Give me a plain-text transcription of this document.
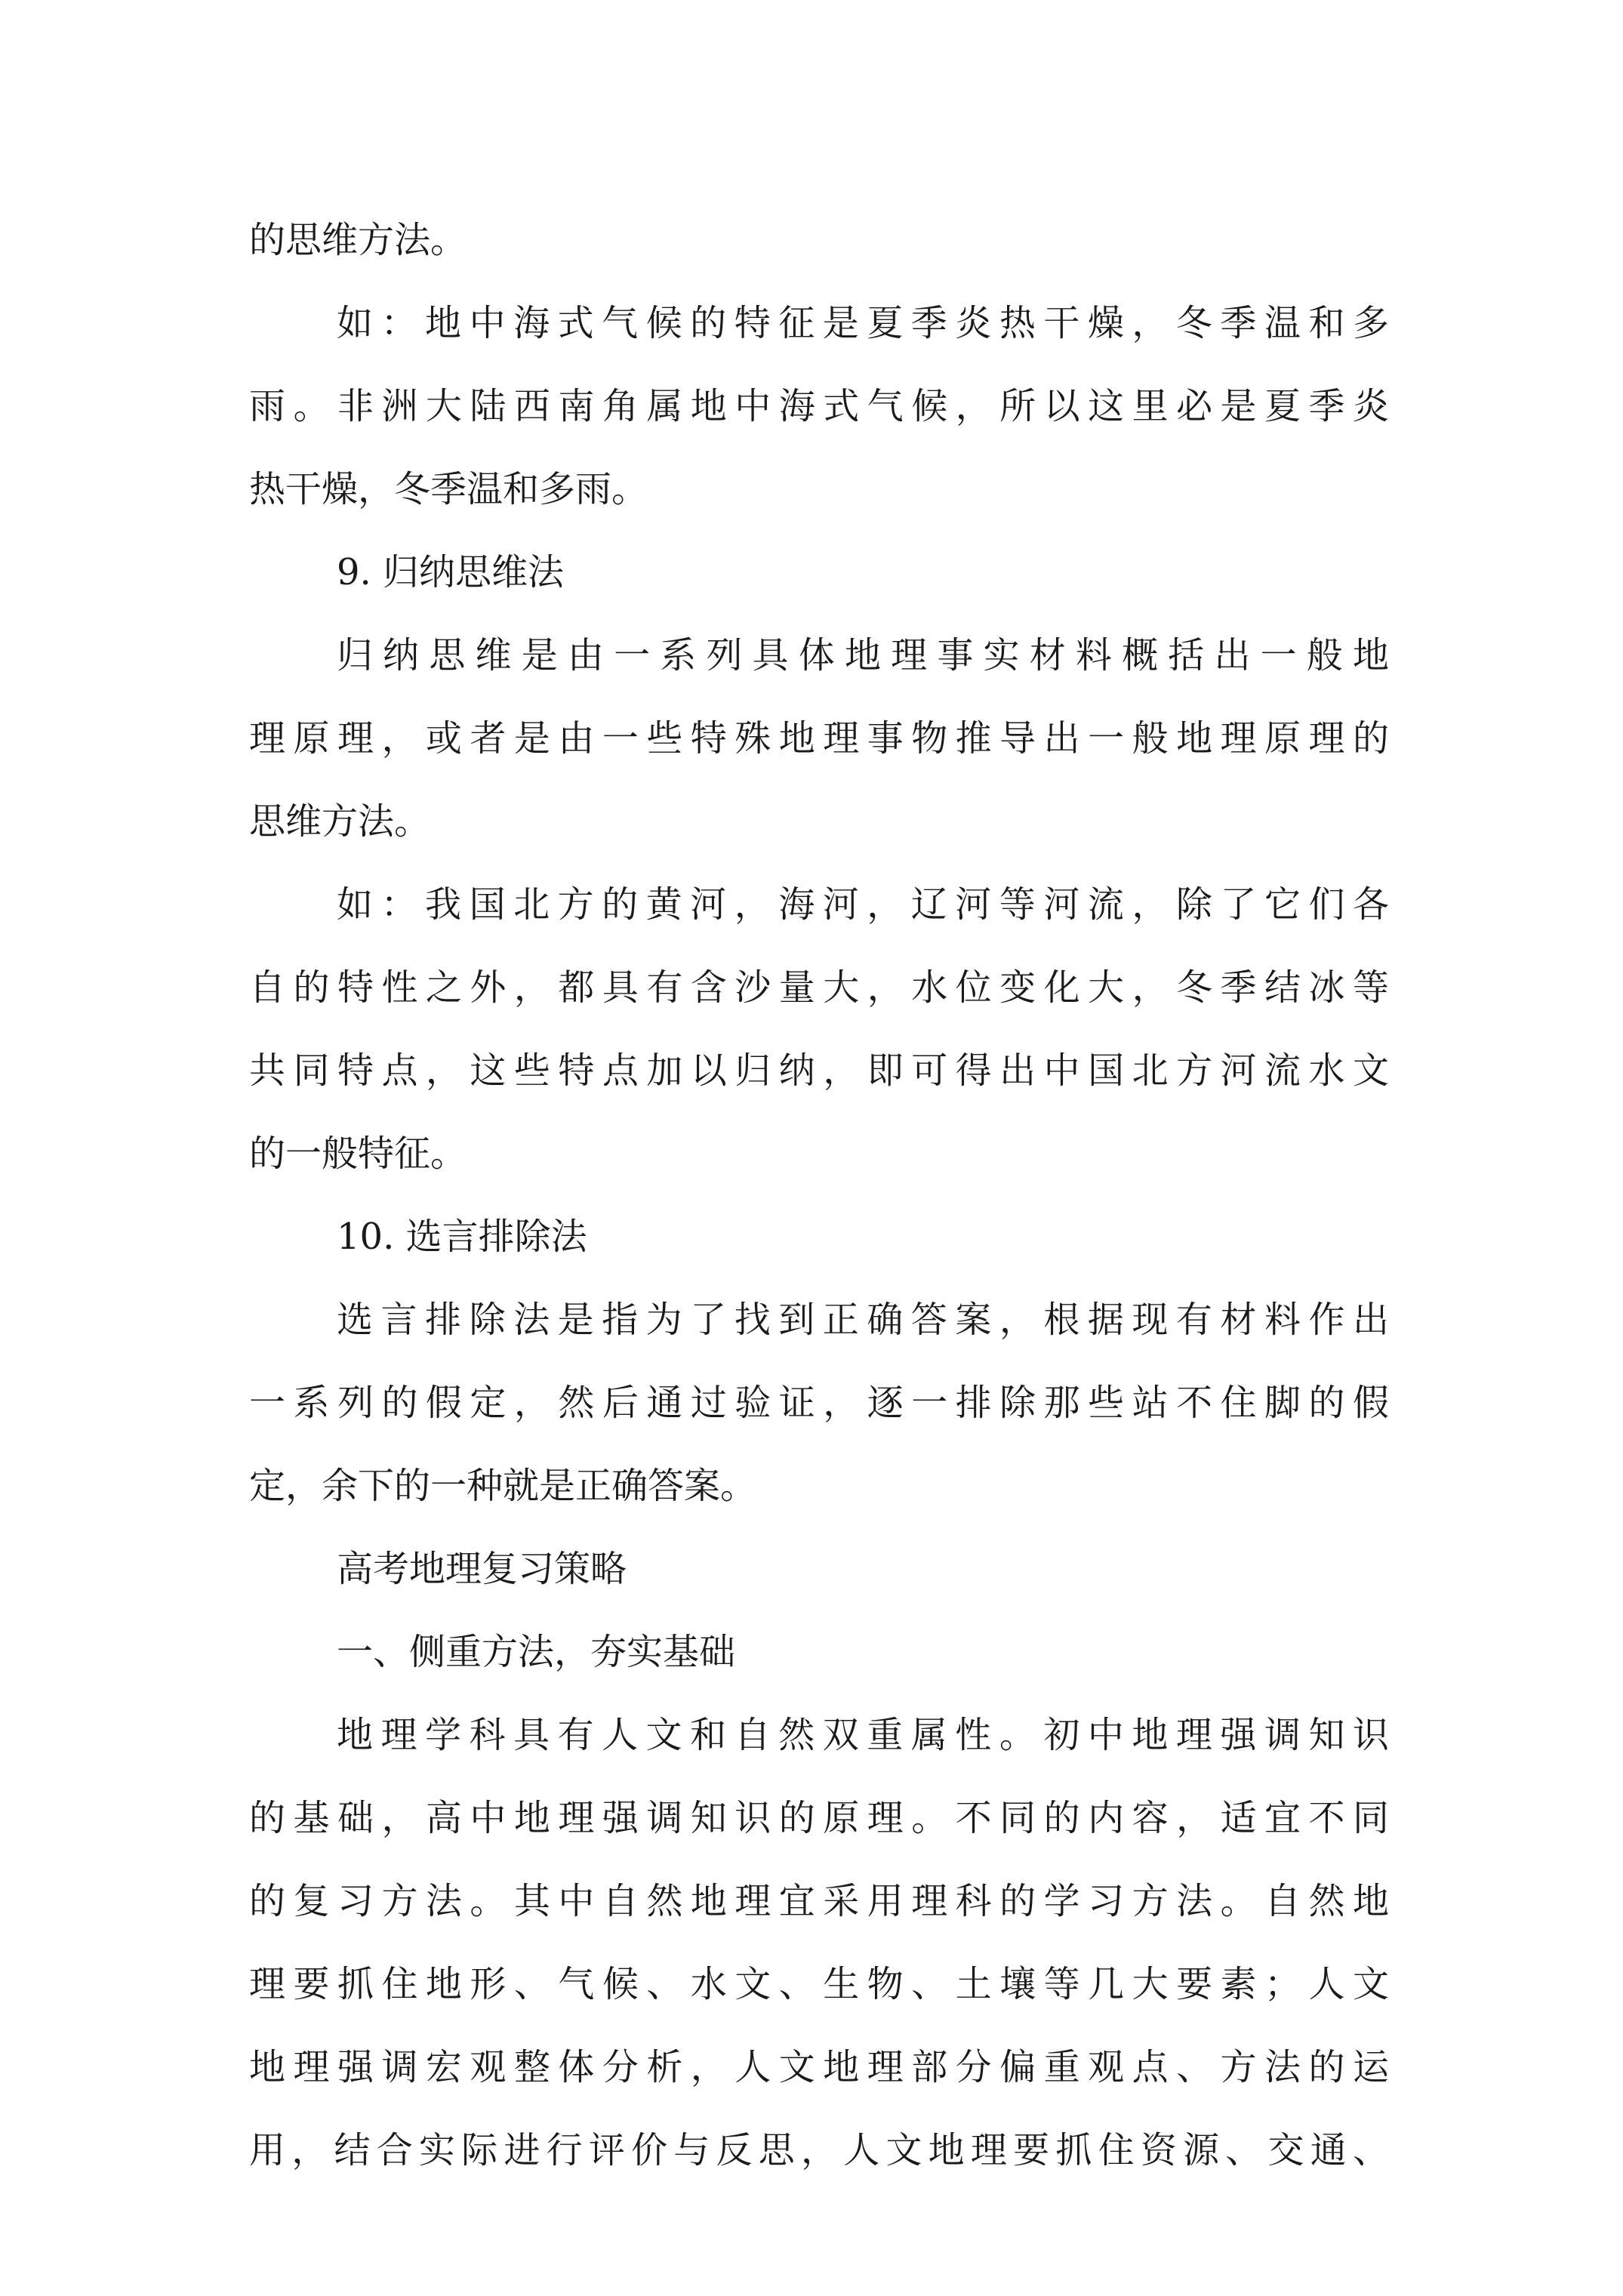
的思维方法。
如：地中海式气候的特征是夏季炎热干燥，冬季温和多
雨。非洲大陆西南角属地中海式气候，所以这里必是夏季炎
热干燥，冬季温和多雨。
9. 归纳思维法
归纳思维是由一系列具体地理事实材料概括出一般地
理原理，或者是由一些特殊地理事物推导出一般地理原理的
思维方法。
如：我国北方的黄河，海河，辽河等河流，除了它们各
自的特性之外，都具有含沙量大，水位变化大，冬季结冰等
共同特点，这些特点加以归纳，即可得出中国北方河流水文
的一般特征。
10. 选言排除法
选言排除法是指为了找到正确答案，根据现有材料作出
一系列的假定，然后通过验证，逐一排除那些站不住脚的假
定，余下的一种就是正确答案。
高考地理复习策略
一、侧重方法，夯实基础
地理学科具有人文和自然双重属性。初中地理强调知识
的基础，高中地理强调知识的原理。不同的内容，适宜不同
的复习方法。其中自然地理宜采用理科的学习方法。自然地
理要抓住地形、气候、水文、生物、土壤等几大要素；人文
地理强调宏观整体分析，人文地理部分偏重观点、方法的运
用，结合实际进行评价与反思，人文地理要抓住资源、交通、
